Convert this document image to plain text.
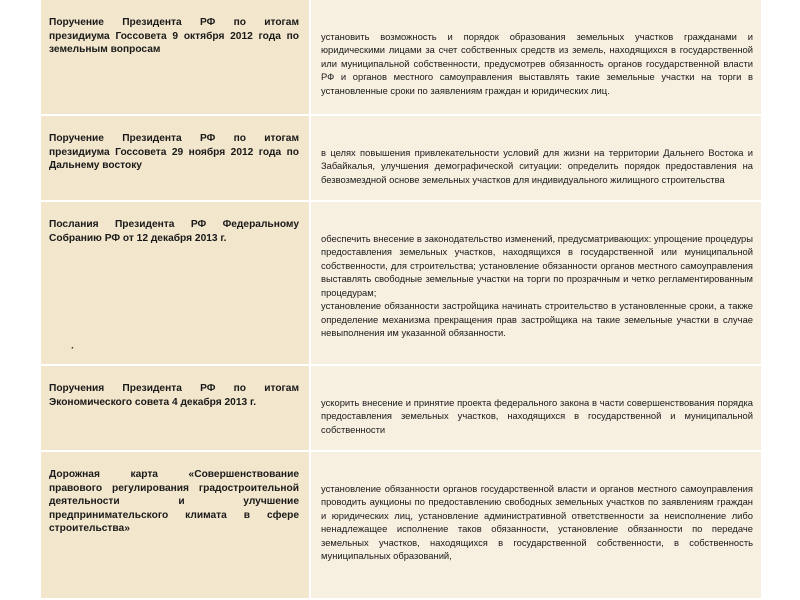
Поручение Президента РФ по итогам президиума Госсовета 9 октября 2012 года по земельным вопросам

установить возможность и порядок образования земельных участков гражданами и юридическими лицами за счет собственных средств из земель, находящихся в государственной или муниципальной собственности, предусмотрев обязанность органов государственной власти РФ и органов местного самоуправления выставлять такие земельные участки на торги в установленные сроки по заявлениям граждан и юридических лиц.

Поручение Президента РФ по итогам президиума Госсовета 29 ноября 2012 года по Дальнему востоку

в целях повышения привлекательности условий для жизни на территории Дальнего Востока и Забайкалья, улучшения демографической ситуации: определить порядок предоставления на безвозмездной основе земельных участков для индивидуального жилищного строительства

Послания Президента РФ Федеральному Собранию РФ от 12 декабря 2013 г.
·

обеспечить внесение в законодательство изменений, предусматривающих: упрощение процедуры предоставления земельных участков, находящихся в государственной или муниципальной собственности, для строительства; установление обязанности органов местного самоуправления выставлять свободные земельные участки на торги по прозрачным и четко регламентированным процедурам;
установление обязанности застройщика начинать строительство в установленные сроки, а также определение механизма прекращения прав застройщика на такие земельные участки в случае невыполнения им указанной обязанности.

Поручения Президента РФ по итогам Экономического совета 4 декабря 2013 г.	ускорить внесение и принятие проекта федерального закона в части совершенствования порядка предоставления земельных участков, находящихся в государственной и муниципальной собственности

Дорожная карта «Совершенствование правового регулирования градостроительной деятельности и улучшение предпринимательского климата в сфере строительства»

установление обязанности органов государственной власти и органов местного самоуправления проводить аукционы по предоставлению свободных земельных участков по заявлениям граждан и юридических лиц, установление административной ответственности за неисполнение либо ненадлежащее исполнение таков обязанности, установление обязанности по передаче земельных участков, находящихся в государственной собственности, в собственность муниципальных образований,
